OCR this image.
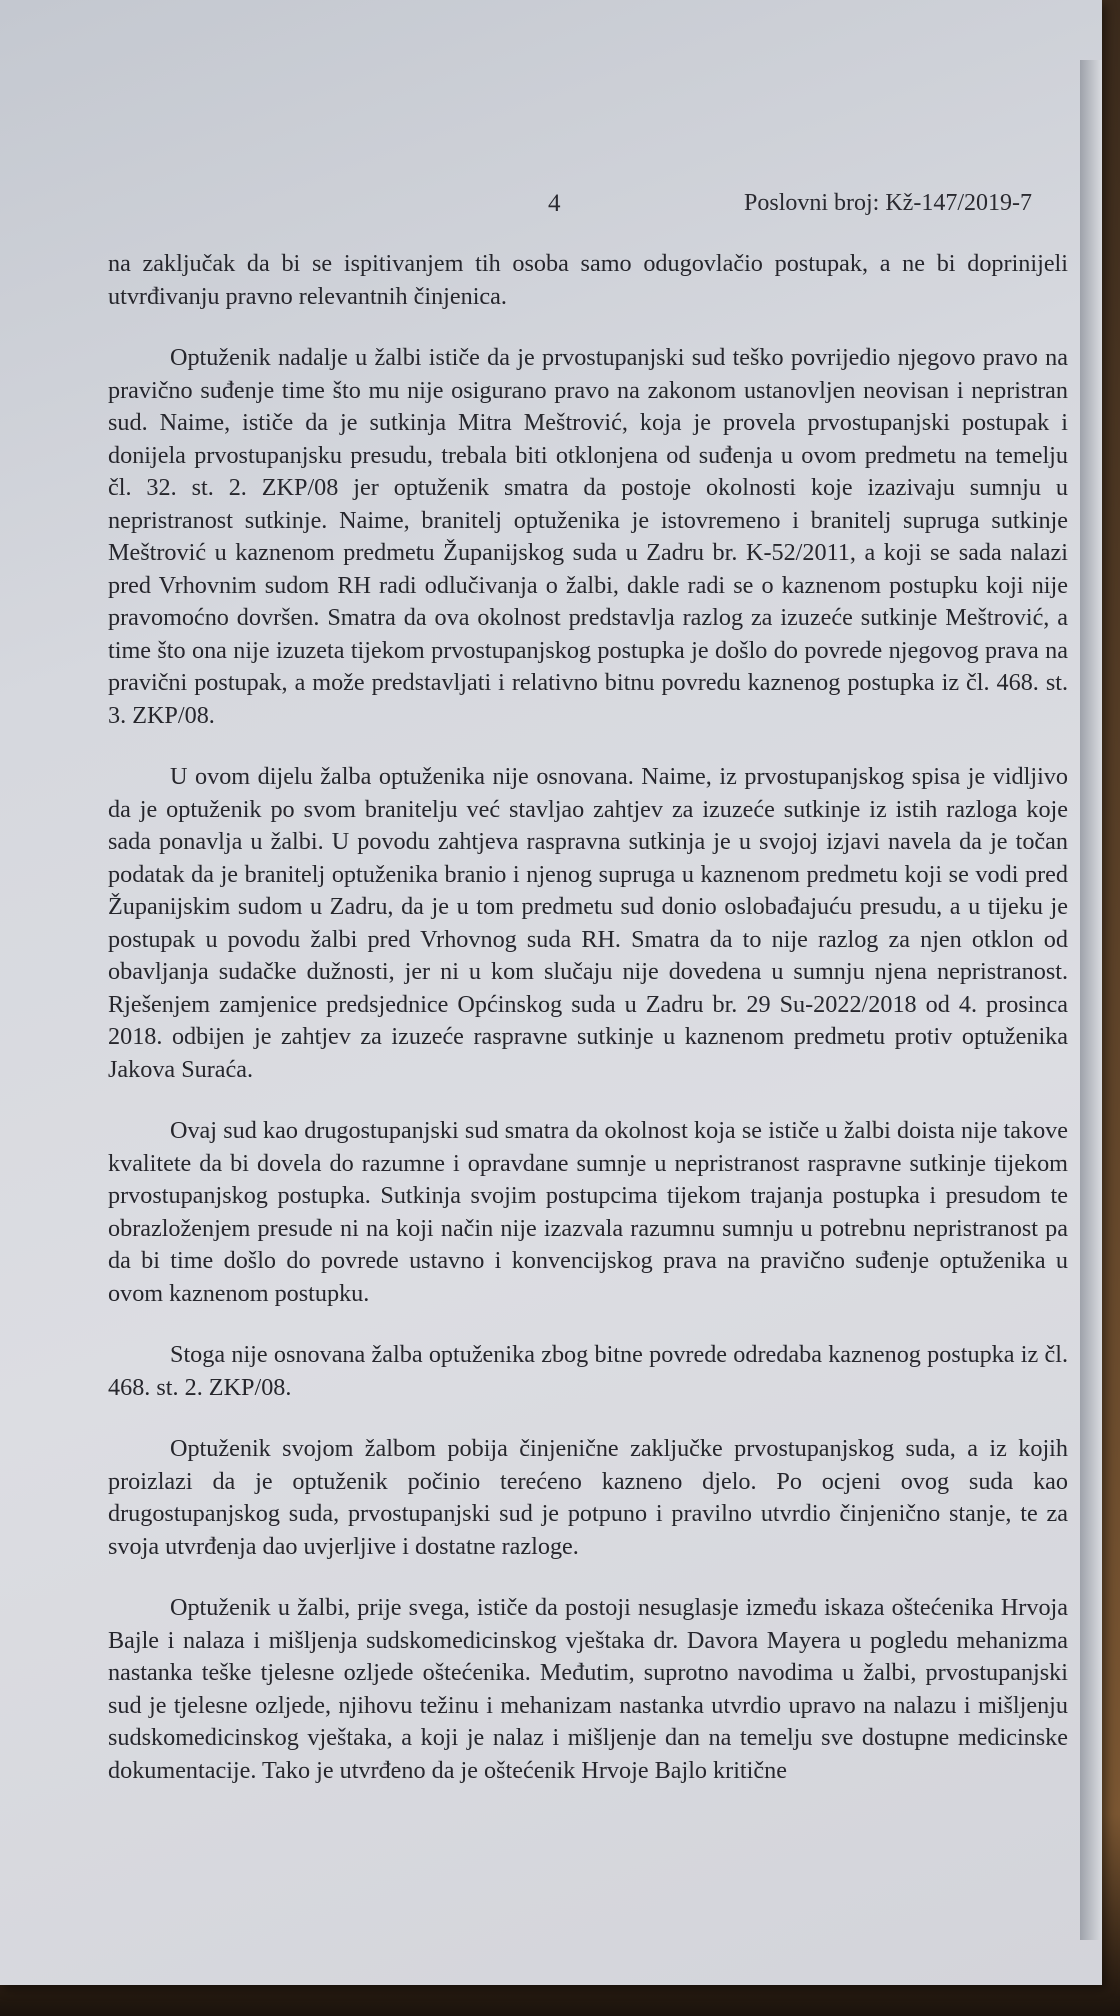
4	Poslovni broj: Kž-147/2019-7

na zaključak da bi se ispitivanjem tih osoba samo odugovlačio postupak, a ne bi doprinijeli utvrđivanju pravno relevantnih činjenica.

Optuženik nadalje u žalbi ističe da je prvostupanjski sud teško povrijedio njegovo pravo na pravično suđenje time što mu nije osigurano pravo na zakonom ustanovljen neovisan i nepristran sud. Naime, ističe da je sutkinja Mitra Meštrović, koja je provela prvostupanjski postupak i donijela prvostupanjsku presudu, trebala biti otklonjena od suđenja u ovom predmetu na temelju čl. 32. st. 2. ZKP/08 jer optuženik smatra da postoje okolnosti koje izazivaju sumnju u nepristranost sutkinje. Naime, branitelj optuženika je istovremeno i branitelj supruga sutkinje Meštrović u kaznenom predmetu Županijskog suda u Zadru br. K-52/2011, a koji se sada nalazi pred Vrhovnim sudom RH radi odlučivanja o žalbi, dakle radi se o kaznenom postupku koji nije pravomoćno dovršen. Smatra da ova okolnost predstavlja razlog za izuzeće sutkinje Meštrović, a time što ona nije izuzeta tijekom prvostupanjskog postupka je došlo do povrede njegovog prava na pravični postupak, a može predstavljati i relativno bitnu povredu kaznenog postupka iz čl. 468. st. 3. ZKP/08.

U ovom dijelu žalba optuženika nije osnovana. Naime, iz prvostupanjskog spisa je vidljivo da je optuženik po svom branitelju već stavljao zahtjev za izuzeće sutkinje iz istih razloga koje sada ponavlja u žalbi. U povodu zahtjeva raspravna sutkinja je u svojoj izjavi navela da je točan podatak da je branitelj optuženika branio i njenog supruga u kaznenom predmetu koji se vodi pred Županijskim sudom u Zadru, da je u tom predmetu sud donio oslobađajuću presudu, a u tijeku je postupak u povodu žalbi pred Vrhovnog suda RH. Smatra da to nije razlog za njen otklon od obavljanja sudačke dužnosti, jer ni u kom slučaju nije dovedena u sumnju njena nepristranost. Rješenjem zamjenice predsjednice Općinskog suda u Zadru br. 29 Su-2022/2018 od 4. prosinca 2018. odbijen je zahtjev za izuzeće raspravne sutkinje u kaznenom predmetu protiv optuženika Jakova Suraća.

Ovaj sud kao drugostupanjski sud smatra da okolnost koja se ističe u žalbi doista nije takove kvalitete da bi dovela do razumne i opravdane sumnje u nepristranost raspravne sutkinje tijekom prvostupanjskog postupka. Sutkinja svojim postupcima tijekom trajanja postupka i presudom te obrazloženjem presude ni na koji način nije izazvala razumnu sumnju u potrebnu nepristranost pa da bi time došlo do povrede ustavno i konvencijskog prava na pravično suđenje optuženika u ovom kaznenom postupku.

Stoga nije osnovana žalba optuženika zbog bitne povrede odredaba kaznenog postupka iz čl. 468. st. 2. ZKP/08.

Optuženik svojom žalbom pobija činjenične zaključke prvostupanjskog suda, a iz kojih proizlazi da je optuženik počinio terećeno kazneno djelo. Po ocjeni ovog suda kao drugostupanjskog suda, prvostupanjski sud je potpuno i pravilno utvrdio činjenično stanje, te za svoja utvrđenja dao uvjerljive i dostatne razloge.

Optuženik u žalbi, prije svega, ističe da postoji nesuglasje između iskaza oštećenika Hrvoja Bajle i nalaza i mišljenja sudskomedicinskog vještaka dr. Davora Mayera u pogledu mehanizma nastanka teške tjelesne ozljede oštećenika. Međutim, suprotno navodima u žalbi, prvostupanjski sud je tjelesne ozljede, njihovu težinu i mehanizam nastanka utvrdio upravo na nalazu i mišljenju sudskomedicinskog vještaka, a koji je nalaz i mišljenje dan na temelju sve dostupne medicinske dokumentacije. Tako je utvrđeno da je oštećenik Hrvoje Bajlo kritične
